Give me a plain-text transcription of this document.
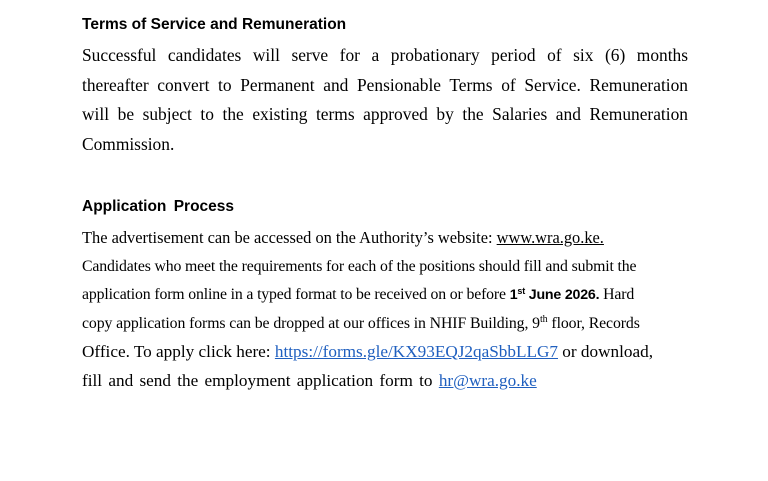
Terms of Service and Remuneration

Successful candidates will serve for a probationary period of six (6) months
thereafter convert to Permanent and Pensionable Terms of Service. Remuneration
will be subject to the existing terms approved by the Salaries and Remuneration
Commission.

Application Process
The advertisement can be accessed on the Authority’s website: www.wra.go.ke.
Candidates who meet the requirements for each of the positions should fill and submit the
application form online in a typed format to be received on or before 1st June 2026. Hard
copy application forms can be dropped at our offices in NHIF Building, 9th floor, Records
Office. To apply click here: https://forms.gle/KX93EQJ2qaSbbLLG7 or download,
fill and send the employment application form to hr@wra.go.ke
